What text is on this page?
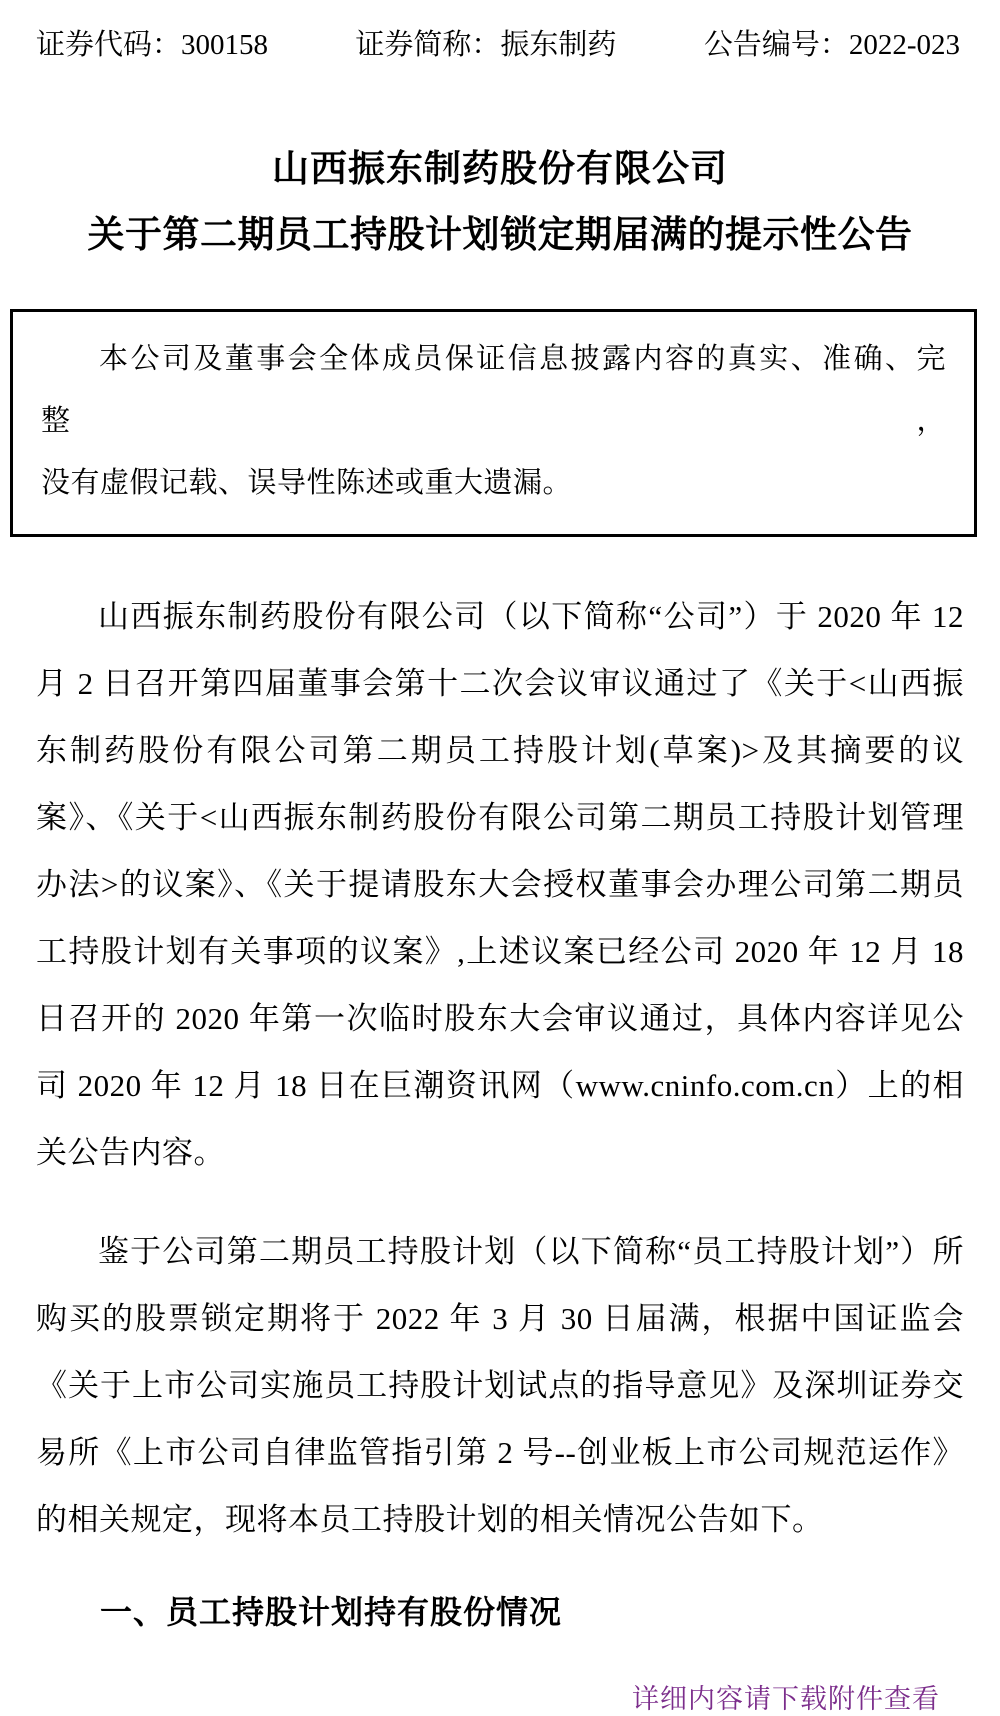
证券代码：300158	证券简称：振东制药	公告编号：2022-023
山西振东制药股份有限公司
关于第二期员工持股计划锁定期届满的提示性公告
本公司及董事会全体成员保证信息披露内容的真实、准确、完整，
没有虚假记载、误导性陈述或重大遗漏。
山西振东制药股份有限公司（以下简称“公司”）于 2020 年 12 月 2 日召开第四届董事会第十二次会议审议通过了《关于<山西振东制药股份有限公司第二期员工持股计划(草案)>及其摘要的议案》、《关于<山西振东制药股份有限公司第二期员工持股计划管理办法>的议案》、《关于提请股东大会授权董事会办理公司第二期员工持股计划有关事项的议案》,上述议案已经公司 2020 年 12 月 18 日召开的 2020 年第一次临时股东大会审议通过，具体内容详见公司 2020 年 12 月 18 日在巨潮资讯网（www.cninfo.com.cn）上的相关公告内容。
鉴于公司第二期员工持股计划（以下简称“员工持股计划”）所购买的股票锁定期将于 2022 年 3 月 30 日届满，根据中国证监会《关于上市公司实施员工持股计划试点的指导意见》及深圳证券交易所《上市公司自律监管指引第 2 号--创业板上市公司规范运作》的相关规定，现将本员工持股计划的相关情况公告如下。
一、员工持股计划持有股份情况
详细内容请下载附件查看
